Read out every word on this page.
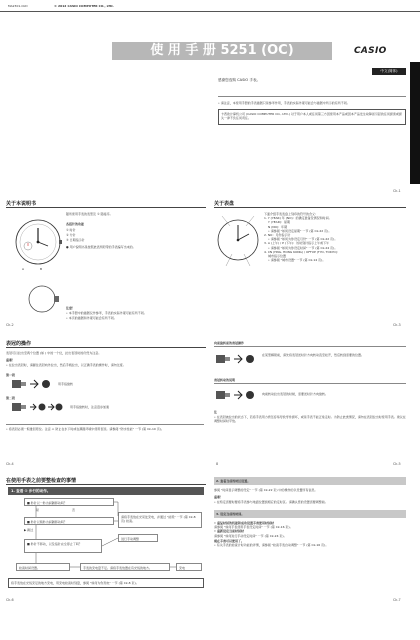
MA2301-CkD	© 2012 CASIO COMPUTER CO., LTD.
使 用 手 册 5251 (OC)	CASIO
中文(简体)
感谢您选购 CASIO 手表。
• 请注意，本使用手册的手表插图只是参考作用，手表的实际外观可能会与插图中所示的有所不同。
卡西欧计算机公司 (CASIO COMPUTER CO., LTD.) 对于用户本人或任何第三方因使用本产品或因本产品发生故障而引起的任何损害或损失一律不负任何责任。
Ck-1
关于本说明书	关于表盘
A	B
随所使用手表的表型及 ① 随接序。
各指针的功能
① 时针
② 分针
③ 日期指示针
● 用户说明书是按照此表所附带的手表编写出来的。
注意！
• 本手册中的插图仅作参考，手表的实际外观可能有所不同。
• 本页的插图和外观可能会有所不同。
下面介绍手表表盘上刻印的符号的含义：
1. Y (YEAR) 年 (NO)：的确定准备及情况和时间。
Y (YEAR)：星期
N (NO)：年期
• 请参阅 "如何设定星期" 一节 (第 Ck-22 页)。
2. NO：月份指示针
• 请参阅 "如何为你设定月份" 一节 (第 Ck-22 页)。
3. A (上午) / P (下午)：该时刻针指示上午或下午
• 请参阅 "如何为你设定时间" 一节 (第 Ck-24 页)。
4. CN (HNG, HONG KONG) / OFFUP (TYO, TOKYO)：
城市指示位置
• 请参阅 "城市设置" 一节 (第 Ck-14 页)。
Ck-2	Ck-3
表冠的操作
表冠可以拉出至两个位置 (如 ) 中的一个位，拉出表冠时的仍然为注意。
重要！
• 在拉出表冠时，请握住表冠向外拉出，然后手柄拉出，以正确手表的操作时，请勿过度。
第一段
用手指旋转
第二段
用手指旋转时，注意逐步加速
• 将表冠必须一般推回原位。注意 ⚠ 防止在水下时或在潮湿环境中使用表冠。请参阅 "防水性能" 一节 (第 Ck-10 页)。
向前旋转前的表冠操作
在某型解锁前，请先将表冠逆时针方向转动直至松开，然后转到需要的位置。
表冠转动的说明
向前转动拉出表冠的时候，需要逆时针方向旋转。
注
• 在表冠被拉出的状态下，若将手表用力挤压容易导致零件损坏，或是手表不能正常走时。为防止此类情况，请勿在表冠拉出时使用手表。建议在调整时间时平放。
Ck-4	8	Ck-5
在使用手表之前要整检查的事情
1. 查看 ① 步行的动作。
■ 秒针以一秒为间隔移动吗？
否
是
■ 秒针以两秒为间隔移动吗？
请将手表放在光亮处充电，并通过 "能耗" 一节 (第 Ck-8 页) 检查。
▶ 跳过
■ 秒针不移动，以及指针完全停止了吗？
进行手动调整
检查时间设置。	手表的充电量不足。请将手表放置在有光线的地方。	充电
将手表放在光线充足的地方充电，用充电检查时刻量，参阅 "如何为你充电" 一节 (第 Ck-8 页)。
2. 查看当前的时区设置。
参阅 "时间显示调整的设定" 一节 (第 Ck-22 页) 中的操作的以设置所有信息。
重要！
• 在特定需要时要将手表参与地面位置到相应的定时区。请确认您的设置需要调整前。
3. 设定当前的时间。
• 重复时间的机能和成功设置手表使用时间时
请参阅 "如何手表使用手表设定时间" 一节 (第 Ck-16 页)。
• 重新设定当前时间时
请参阅 "如何进行手动设定时间" 一节 (第 Ck-24 页)。
现在手表可以使用了。
• 有关手表的检查计时功能的详情，请参阅 "检查手表自动调整" 一节 (第 Ck-16 页)。
Ck-6	Ck-7
